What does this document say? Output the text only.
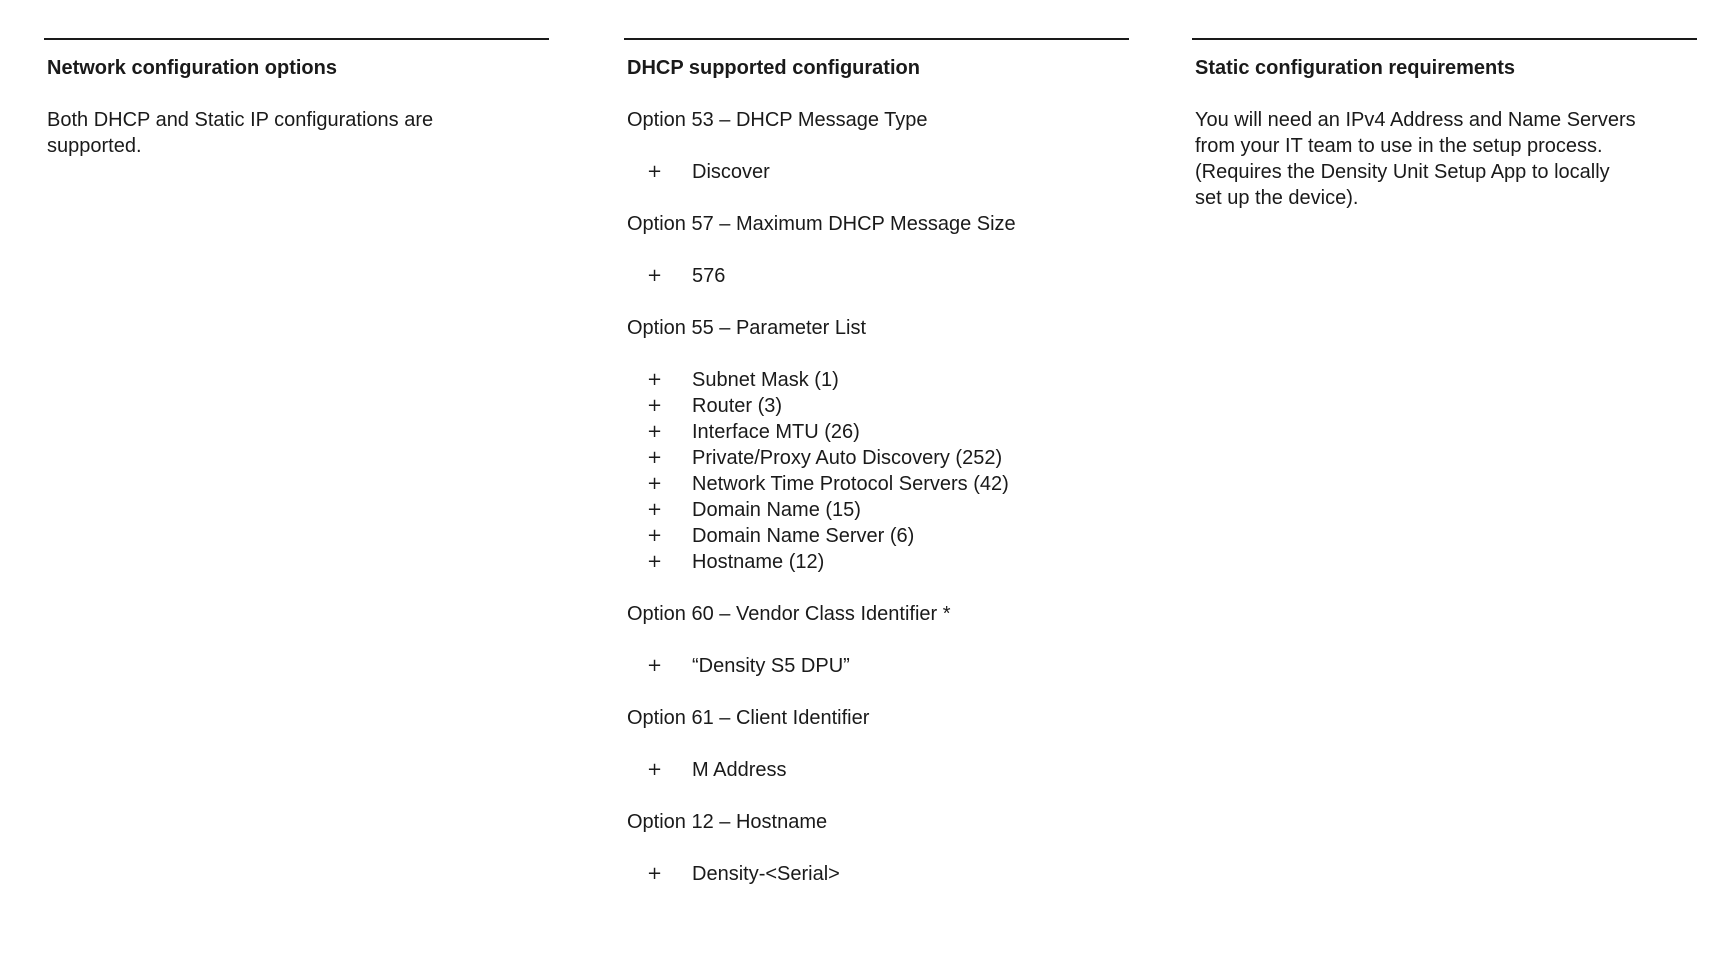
Network configuration options
Both DHCP and Static IP configurations are
supported.
DHCP supported configuration
Option 53 – DHCP Message Type
+	Discover
Option 57 – Maximum DHCP Message Size
+	576
Option 55 – Parameter List
+	Subnet Mask (1)
+	Router (3)
+	Interface MTU (26)
+	Private/Proxy Auto Discovery (252)
+	Network Time Protocol Servers (42)
+	Domain Name (15)
+	Domain Name Server (6)
+	Hostname (12)
Option 60 – Vendor Class Identifier *
+	“Density S5 DPU”
Option 61 – Client Identifier
+	M Address
Option 12 – Hostname
+	Density-<Serial>
Static configuration requirements
You will need an IPv4 Address and Name Servers
from your IT team to use in the setup process.
(Requires the Density Unit Setup App to locally
set up the device).
